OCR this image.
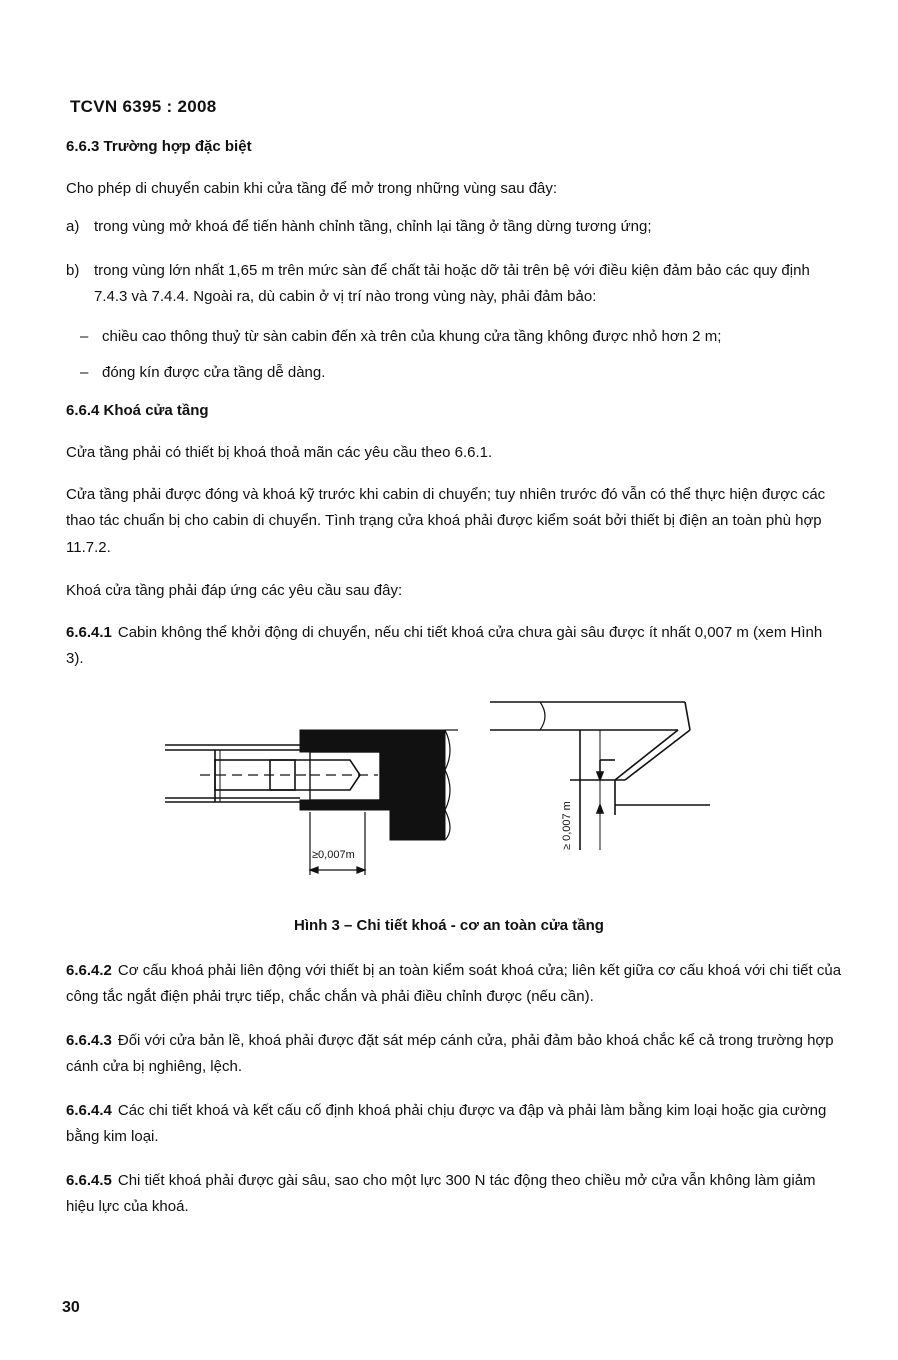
TCVN 6395 : 2008

6.6.3 Trường hợp đặc biệt

Cho phép di chuyển cabin khi cửa tầng để mở trong những vùng sau đây:

a) trong vùng mở khoá để tiến hành chỉnh tầng, chỉnh lại tầng ở tầng dừng tương ứng;
b) trong vùng lớn nhất 1,65 m trên mức sàn để chất tải hoặc dỡ tải trên bệ với điều kiện đảm bảo các quy định 7.4.3 và 7.4.4. Ngoài ra, dù cabin ở vị trí nào trong vùng này, phải đảm bảo:
– chiều cao thông thuỷ từ sàn cabin đến xà trên của khung cửa tầng không được nhỏ hơn 2 m;
– đóng kín được cửa tầng dễ dàng.

6.6.4 Khoá cửa tầng

Cửa tầng phải có thiết bị khoá thoả mãn các yêu cầu theo 6.6.1.

Cửa tầng phải được đóng và khoá kỹ trước khi cabin di chuyển; tuy nhiên trước đó vẫn có thể thực hiện được các thao tác chuẩn bị cho cabin di chuyển. Tình trạng cửa khoá phải được kiểm soát bởi thiết bị điện an toàn phù hợp 11.7.2.

Khoá cửa tầng phải đáp ứng các yêu cầu sau đây:

6.6.4.1 Cabin không thể khởi động di chuyển, nếu chi tiết khoá cửa chưa gài sâu được ít nhất 0,007 m (xem Hình 3).

≥0,007m
≥ 0,007 m
Hình 3 – Chi tiết khoá - cơ an toàn cửa tầng

6.6.4.2 Cơ cấu khoá phải liên động với thiết bị an toàn kiểm soát khoá cửa; liên kết giữa cơ cấu khoá với chi tiết của công tắc ngắt điện phải trực tiếp, chắc chắn và phải điều chỉnh được (nếu cần).

6.6.4.3 Đối với cửa bản lề, khoá phải được đặt sát mép cánh cửa, phải đảm bảo khoá chắc kể cả trong trường hợp cánh cửa bị nghiêng, lệch.

6.6.4.4 Các chi tiết khoá và kết cấu cố định khoá phải chịu được va đập và phải làm bằng kim loại hoặc gia cường bằng kim loại.

6.6.4.5 Chi tiết khoá phải được gài sâu, sao cho một lực 300 N tác động theo chiều mở cửa vẫn không làm giảm hiệu lực của khoá.

30
